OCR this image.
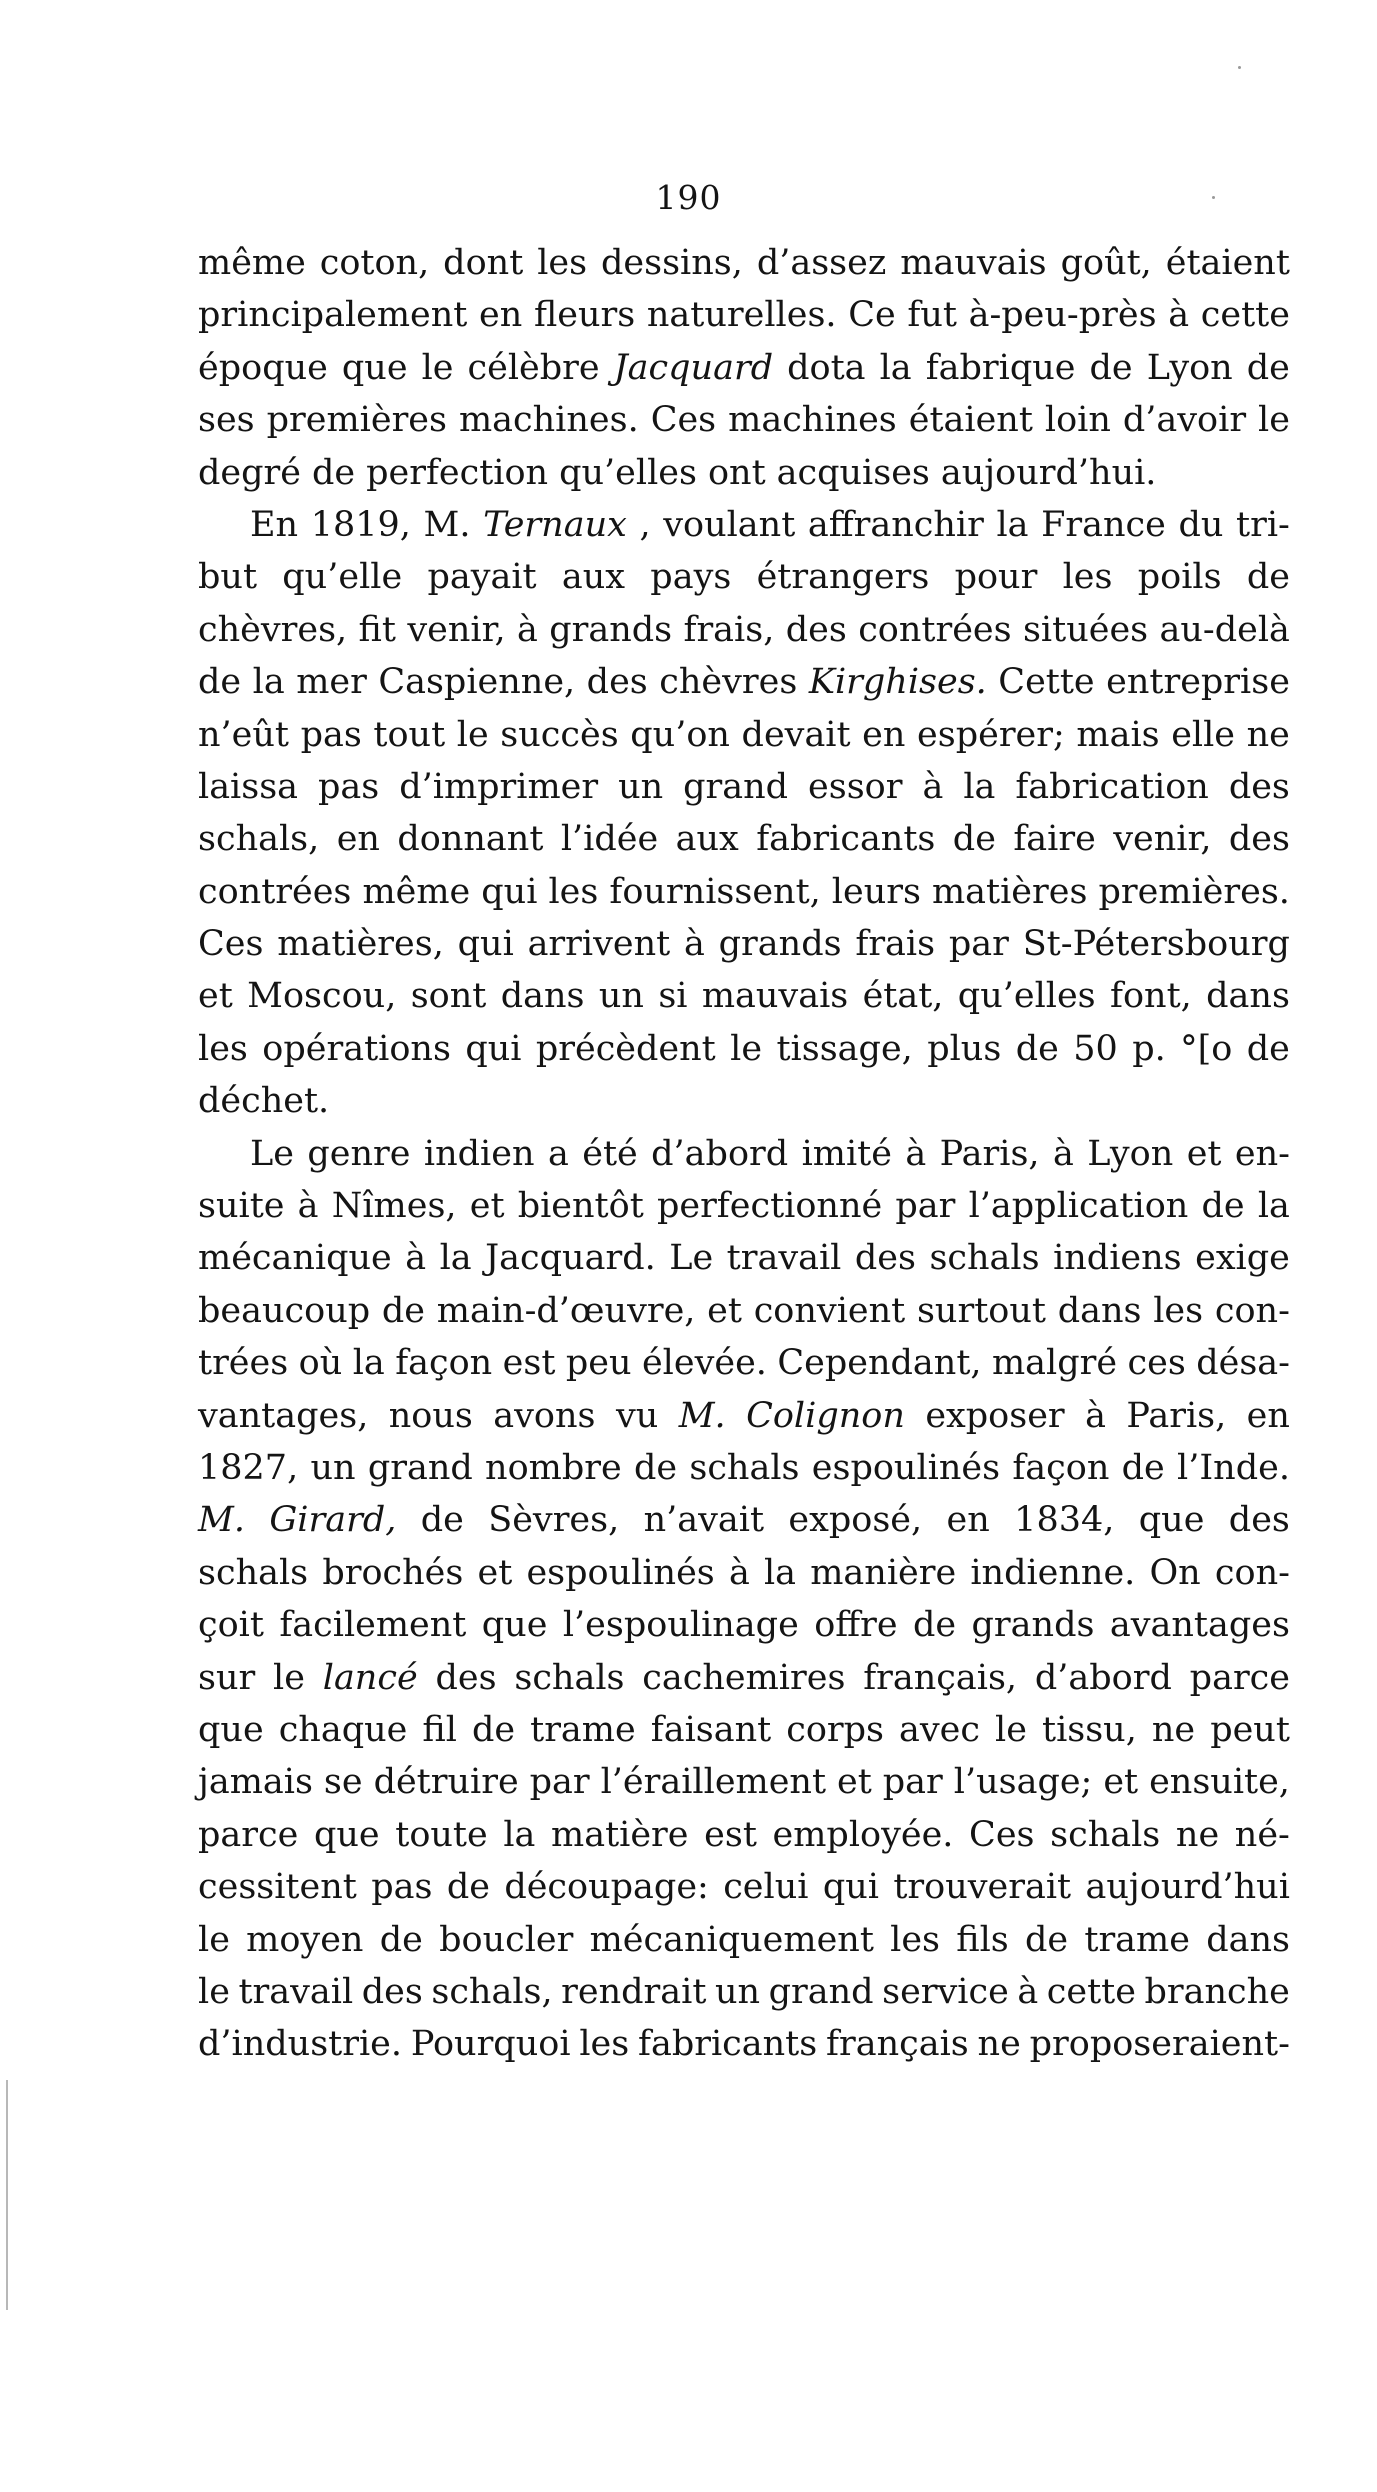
190
même coton, dont les dessins, d’assez mauvais goût, étaient
principalement en fleurs naturelles. Ce fut à-peu-près à cette
époque que le célèbre Jacquard dota la fabrique de Lyon de
ses premières machines. Ces machines étaient loin d’avoir le
degré de perfection qu’elles ont acquises aujourd’hui.
En 1819, M. Ternaux , voulant affranchir la France du tri-
but qu’elle payait aux pays étrangers pour les poils de
chèvres, fit venir, à grands frais, des contrées situées au-delà
de la mer Caspienne, des chèvres Kirghises. Cette entreprise
n’eût pas tout le succès qu’on devait en espérer; mais elle ne
laissa pas d’imprimer un grand essor à la fabrication des
schals, en donnant l’idée aux fabricants de faire venir, des
contrées même qui les fournissent, leurs matières premières.
Ces matières, qui arrivent à grands frais par St-Pétersbourg
et Moscou, sont dans un si mauvais état, qu’elles font, dans
les opérations qui précèdent le tissage, plus de 50 p. °[o de
déchet.
Le genre indien a été d’abord imité à Paris, à Lyon et en-
suite à Nîmes, et bientôt perfectionné par l’application de la
mécanique à la Jacquard. Le travail des schals indiens exige
beaucoup de main-d’œuvre, et convient surtout dans les con-
trées où la façon est peu élevée. Cependant, malgré ces désa-
vantages, nous avons vu M. Colignon exposer à Paris, en
1827, un grand nombre de schals espoulinés façon de l’Inde.
M. Girard, de Sèvres, n’avait exposé, en 1834, que des
schals brochés et espoulinés à la manière indienne. On con-
çoit facilement que l’espoulinage offre de grands avantages
sur le lancé des schals cachemires français, d’abord parce
que chaque fil de trame faisant corps avec le tissu, ne peut
jamais se détruire par l’éraillement et par l’usage; et ensuite,
parce que toute la matière est employée. Ces schals ne né-
cessitent pas de découpage: celui qui trouverait aujourd’hui
le moyen de boucler mécaniquement les fils de trame dans
le travail des schals, rendrait un grand service à cette branche
d’industrie. Pourquoi les fabricants français ne proposeraient-
